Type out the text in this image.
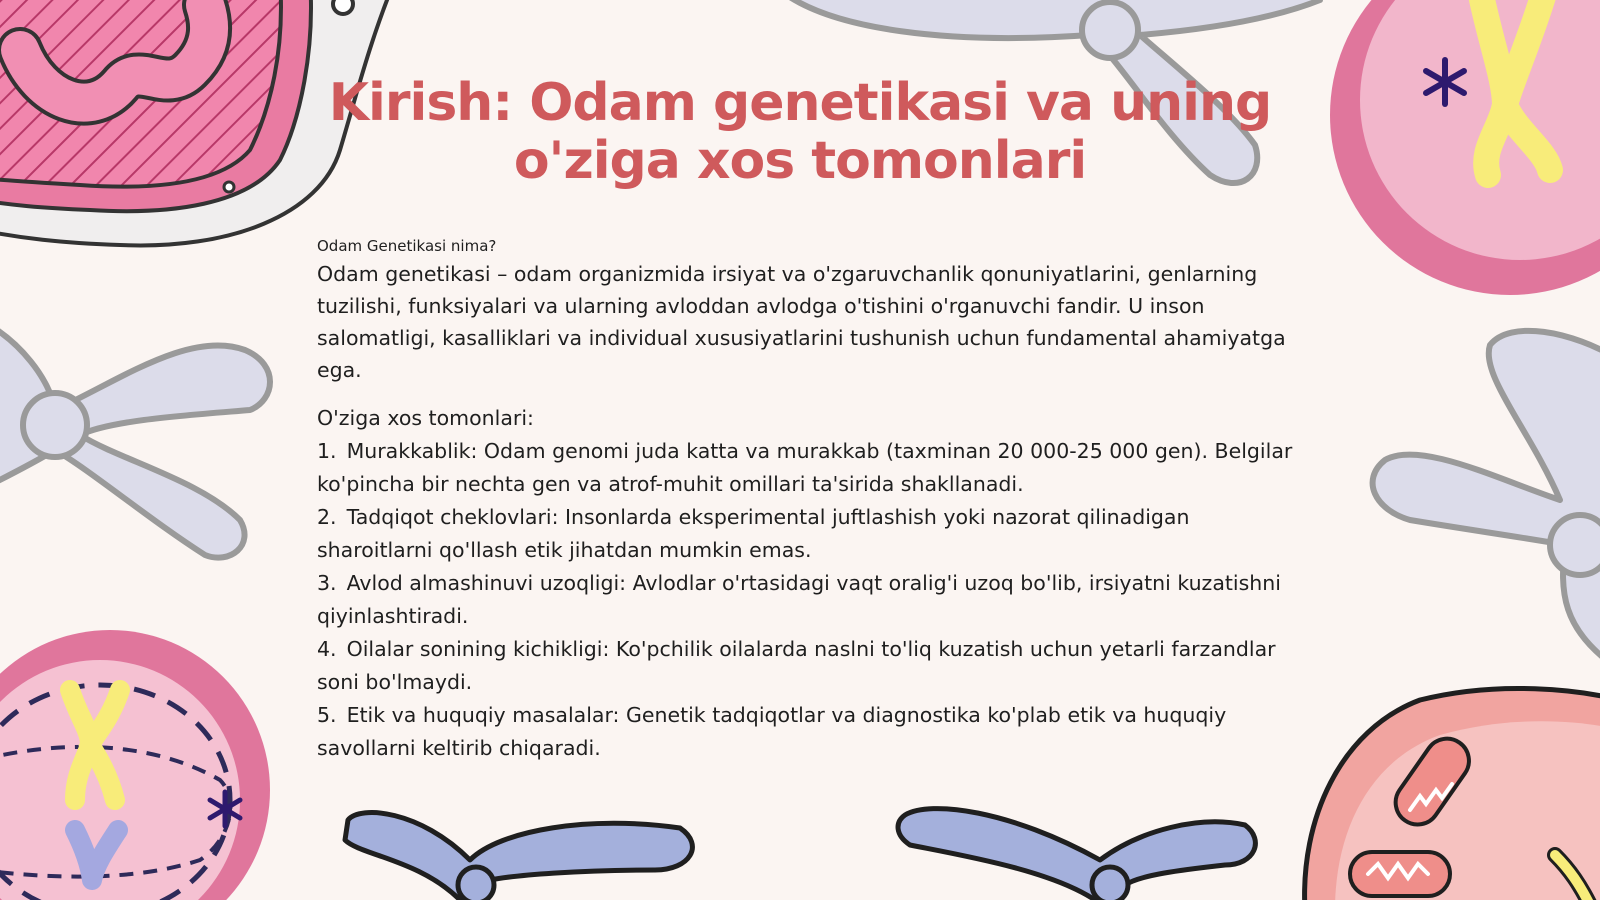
Kirish: Odam genetikasi va uning
o'ziga xos tomonlari

Odam Genetikasi nima?

Odam genetikasi – odam organizmida irsiyat va o'zgaruvchanlik qonuniyatlarini, genlarning tuzilishi, funksiyalari va ularning avloddan avlodga o'tishini o'rganuvchi fandir. U inson salomatligi, kasalliklari va individual xususiyatlarini tushunish uchun fundamental ahamiyatga ega.

O'ziga xos tomonlari:

1. Murakkablik: Odam genomi juda katta va murakkab (taxminan 20 000-25 000 gen). Belgilar ko'pincha bir nechta gen va atrof-muhit omillari ta'sirida shakllanadi.
2. Tadqiqot cheklovlari: Insonlarda eksperimental juftlashish yoki nazorat qilinadigan sharoitlarni qo'llash etik jihatdan mumkin emas.
3. Avlod almashinuvi uzoqligi: Avlodlar o'rtasidagi vaqt oralig'i uzoq bo'lib, irsiyatni kuzatishni qiyinlashtiradi.
4. Oilalar sonining kichikligi: Ko'pchilik oilalarda naslni to'liq kuzatish uchun yetarli farzandlar soni bo'lmaydi.
5. Etik va huquqiy masalalar: Genetik tadqiqotlar va diagnostika ko'plab etik va huquqiy savollarni keltirib chiqaradi.
